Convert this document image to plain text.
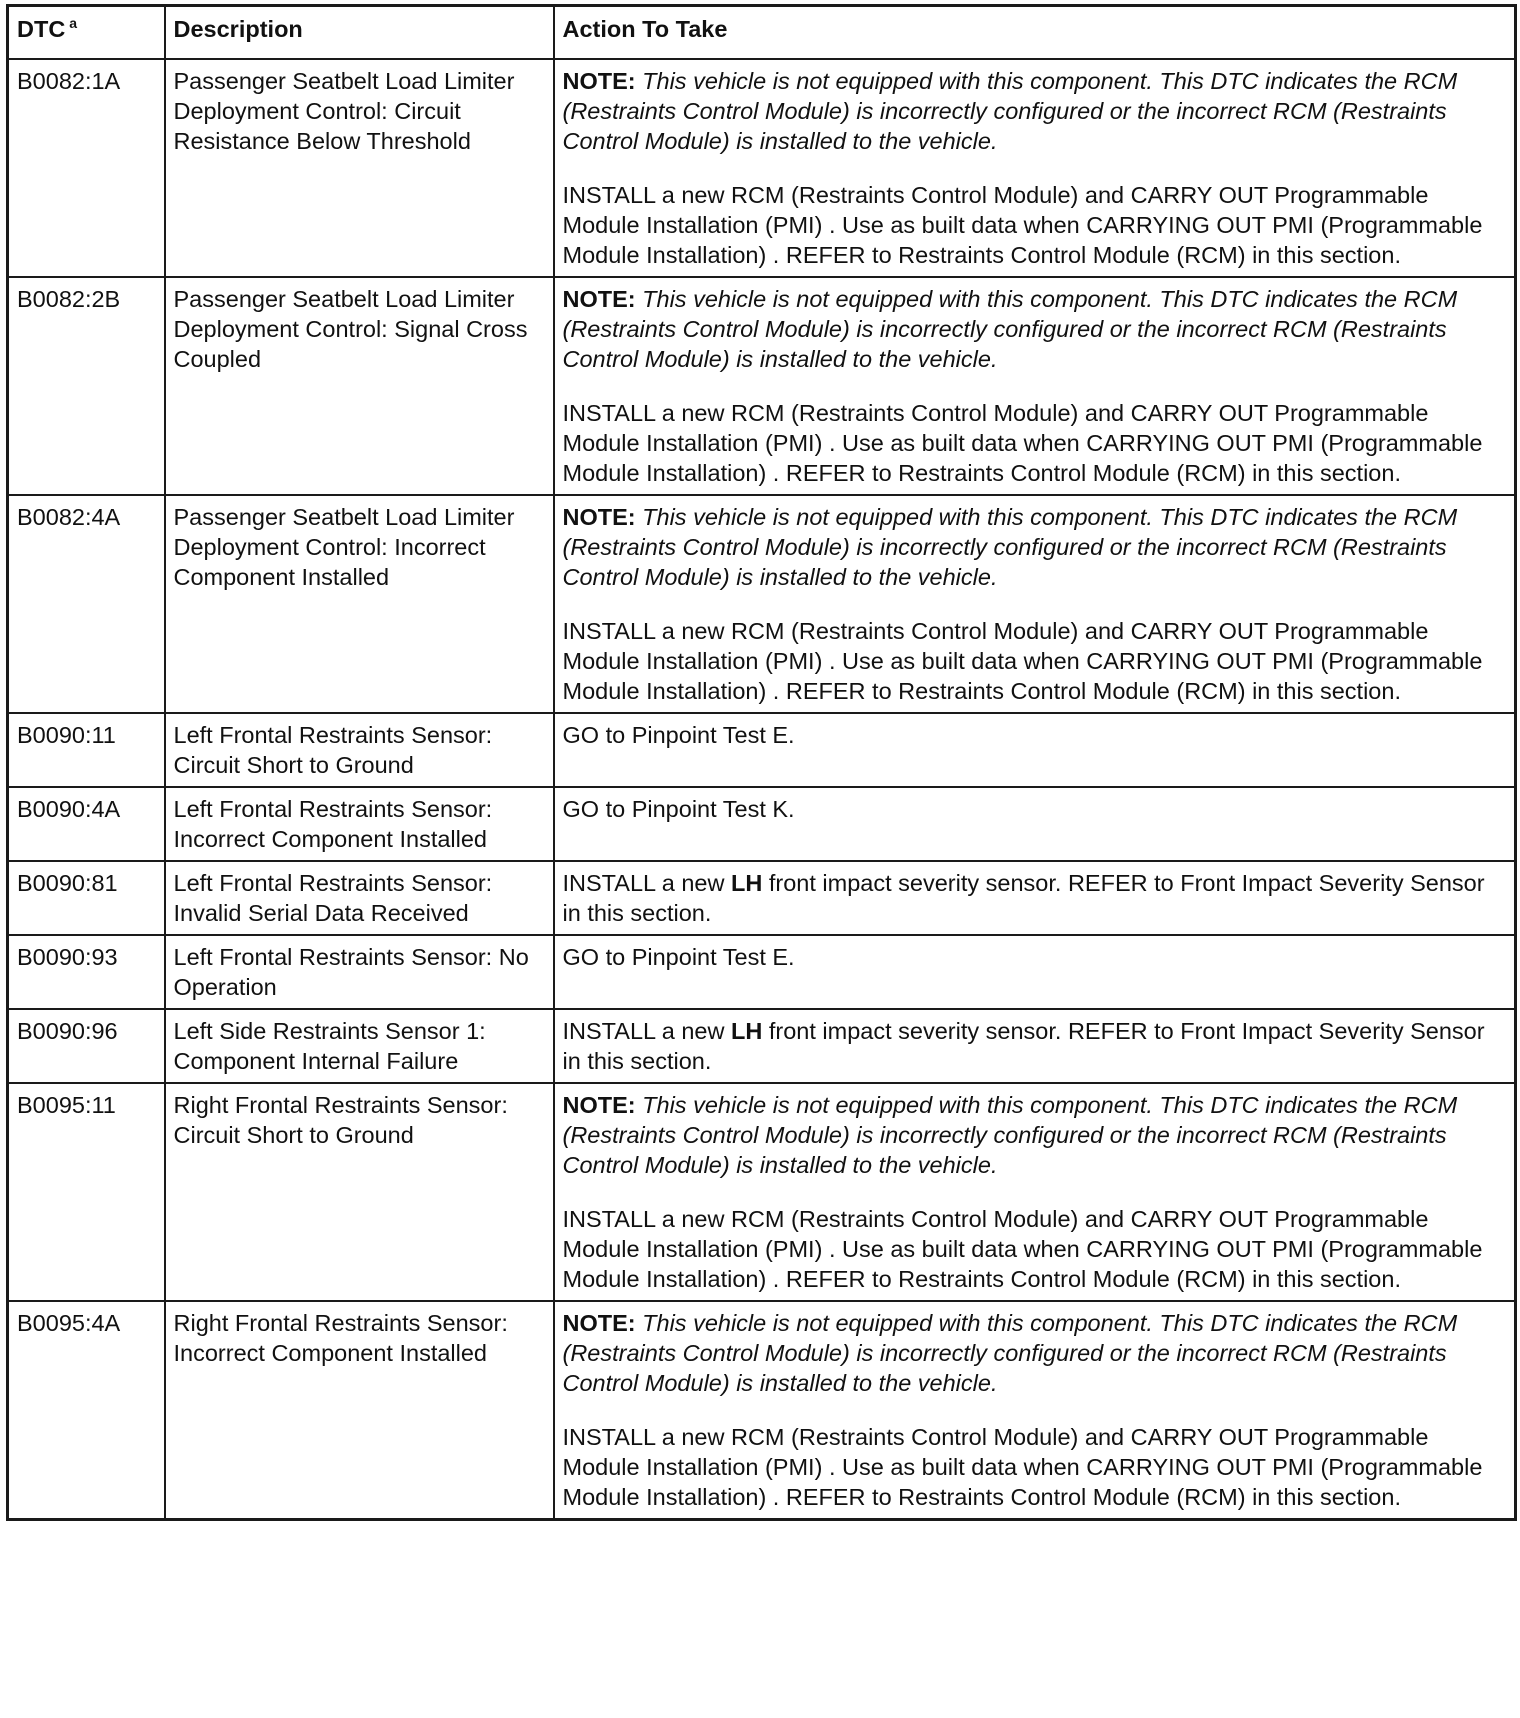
DTC $^a$	Description	Action To Take
B0082:1A	Passenger Seatbelt Load Limiter Deployment Control: Circuit Resistance Below Threshold	NOTE: This vehicle is not equipped with this component. This DTC indicates the RCM (Restraints Control Module) is incorrectly configured or the incorrect RCM (Restraints Control Module) is installed to the vehicle.

INSTALL a new RCM (Restraints Control Module) and CARRY OUT Programmable Module Installation (PMI) . Use as built data when CARRYING OUT PMI (Programmable Module Installation) . REFER to Restraints Control Module (RCM) in this section.

B0082:2B	Passenger Seatbelt Load Limiter Deployment Control: Signal Cross Coupled	NOTE: This vehicle is not equipped with this component. This DTC indicates the RCM (Restraints Control Module) is incorrectly configured or the incorrect RCM (Restraints Control Module) is installed to the vehicle.

INSTALL a new RCM (Restraints Control Module) and CARRY OUT Programmable Module Installation (PMI) . Use as built data when CARRYING OUT PMI (Programmable Module Installation) . REFER to Restraints Control Module (RCM) in this section.

B0082:4A	Passenger Seatbelt Load Limiter Deployment Control: Incorrect Component Installed	NOTE: This vehicle is not equipped with this component. This DTC indicates the RCM (Restraints Control Module) is incorrectly configured or the incorrect RCM (Restraints Control Module) is installed to the vehicle.

INSTALL a new RCM (Restraints Control Module) and CARRY OUT Programmable Module Installation (PMI) . Use as built data when CARRYING OUT PMI (Programmable Module Installation) . REFER to Restraints Control Module (RCM) in this section.

B0090:11	Left Frontal Restraints Sensor: Circuit Short to Ground	GO to Pinpoint Test E.
B0090:4A	Left Frontal Restraints Sensor: Incorrect Component Installed	GO to Pinpoint Test K.
B0090:81	Left Frontal Restraints Sensor: Invalid Serial Data Received	INSTALL a new LH front impact severity sensor. REFER to Front Impact Severity Sensor in this section.
B0090:93	Left Frontal Restraints Sensor: No Operation	GO to Pinpoint Test E.
B0090:96	Left Side Restraints Sensor 1: Component Internal Failure	INSTALL a new LH front impact severity sensor. REFER to Front Impact Severity Sensor in this section.
B0095:11	Right Frontal Restraints Sensor: Circuit Short to Ground	NOTE: This vehicle is not equipped with this component. This DTC indicates the RCM (Restraints Control Module) is incorrectly configured or the incorrect RCM (Restraints Control Module) is installed to the vehicle.

INSTALL a new RCM (Restraints Control Module) and CARRY OUT Programmable Module Installation (PMI) . Use as built data when CARRYING OUT PMI (Programmable Module Installation) . REFER to Restraints Control Module (RCM) in this section.

B0095:4A	Right Frontal Restraints Sensor: Incorrect Component Installed	NOTE: This vehicle is not equipped with this component. This DTC indicates the RCM (Restraints Control Module) is incorrectly configured or the incorrect RCM (Restraints Control Module) is installed to the vehicle.

INSTALL a new RCM (Restraints Control Module) and CARRY OUT Programmable Module Installation (PMI) . Use as built data when CARRYING OUT PMI (Programmable Module Installation) . REFER to Restraints Control Module (RCM) in this section.
